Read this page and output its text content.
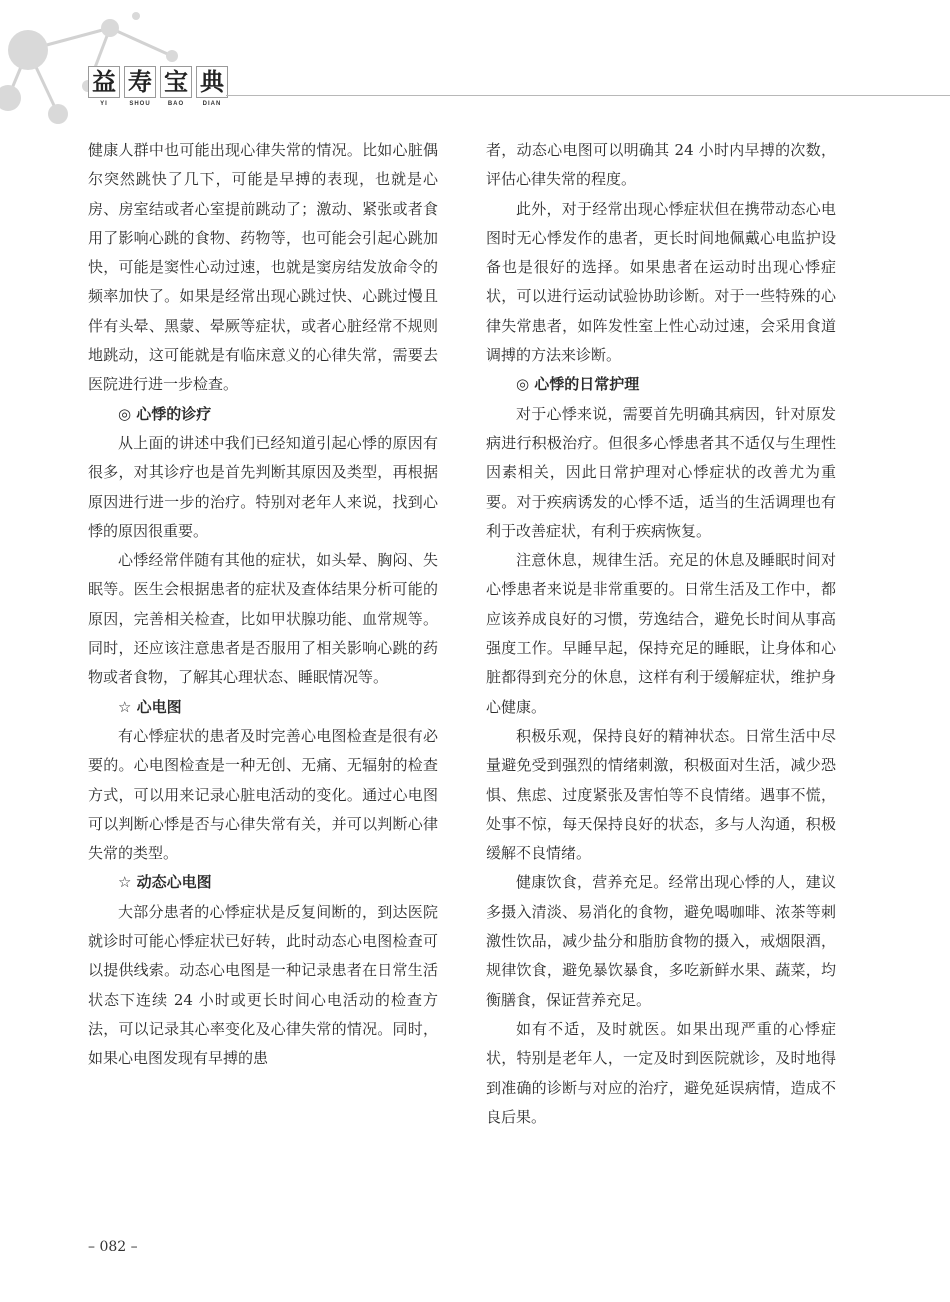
益 寿 宝 典
YI	SHOU	BAO	DIAN

健康人群中也可能出现心律失常的情况。比如心脏偶尔突然跳快了几下，可能是早搏的表现，也就是心房、房室结或者心室提前跳动了；激动、紧张或者食用了影响心跳的食物、药物等，也可能会引起心跳加快，可能是窦性心动过速，也就是窦房结发放命令的频率加快了。如果是经常出现心跳过快、心跳过慢且伴有头晕、黑蒙、晕厥等症状，或者心脏经常不规则地跳动，这可能就是有临床意义的心律失常，需要去医院进行进一步检查。

◎ 心悸的诊疗

从上面的讲述中我们已经知道引起心悸的原因有很多，对其诊疗也是首先判断其原因及类型，再根据原因进行进一步的治疗。特别对老年人来说，找到心悸的原因很重要。

心悸经常伴随有其他的症状，如头晕、胸闷、失眠等。医生会根据患者的症状及查体结果分析可能的原因，完善相关检查，比如甲状腺功能、血常规等。同时，还应该注意患者是否服用了相关影响心跳的药物或者食物，了解其心理状态、睡眠情况等。

☆ 心电图

有心悸症状的患者及时完善心电图检查是很有必要的。心电图检查是一种无创、无痛、无辐射的检查方式，可以用来记录心脏电活动的变化。通过心电图可以判断心悸是否与心律失常有关，并可以判断心律失常的类型。

☆ 动态心电图

大部分患者的心悸症状是反复间断的，到达医院就诊时可能心悸症状已好转，此时动态心电图检查可以提供线索。动态心电图是一种记录患者在日常生活状态下连续 24 小时或更长时间心电活动的检查方法，可以记录其心率变化及心律失常的情况。同时，如果心电图发现有早搏的患

者，动态心电图可以明确其 24 小时内早搏的次数，评估心律失常的程度。

此外，对于经常出现心悸症状但在携带动态心电图时无心悸发作的患者，更长时间地佩戴心电监护设备也是很好的选择。如果患者在运动时出现心悸症状，可以进行运动试验协助诊断。对于一些特殊的心律失常患者，如阵发性室上性心动过速，会采用食道调搏的方法来诊断。

◎ 心悸的日常护理

对于心悸来说，需要首先明确其病因，针对原发病进行积极治疗。但很多心悸患者其不适仅与生理性因素相关，因此日常护理对心悸症状的改善尤为重要。对于疾病诱发的心悸不适，适当的生活调理也有利于改善症状，有利于疾病恢复。

注意休息，规律生活。充足的休息及睡眠时间对心悸患者来说是非常重要的。日常生活及工作中，都应该养成良好的习惯，劳逸结合，避免长时间从事高强度工作。早睡早起，保持充足的睡眠，让身体和心脏都得到充分的休息，这样有利于缓解症状，维护身心健康。

积极乐观，保持良好的精神状态。日常生活中尽量避免受到强烈的情绪刺激，积极面对生活，减少恐惧、焦虑、过度紧张及害怕等不良情绪。遇事不慌，处事不惊，每天保持良好的状态，多与人沟通，积极缓解不良情绪。

健康饮食，营养充足。经常出现心悸的人，建议多摄入清淡、易消化的食物，避免喝咖啡、浓茶等刺激性饮品，减少盐分和脂肪食物的摄入，戒烟限酒，规律饮食，避免暴饮暴食，多吃新鲜水果、蔬菜，均衡膳食，保证营养充足。

如有不适，及时就医。如果出现严重的心悸症状，特别是老年人，一定及时到医院就诊，及时地得到准确的诊断与对应的治疗，避免延误病情，造成不良后果。

– 082 –
